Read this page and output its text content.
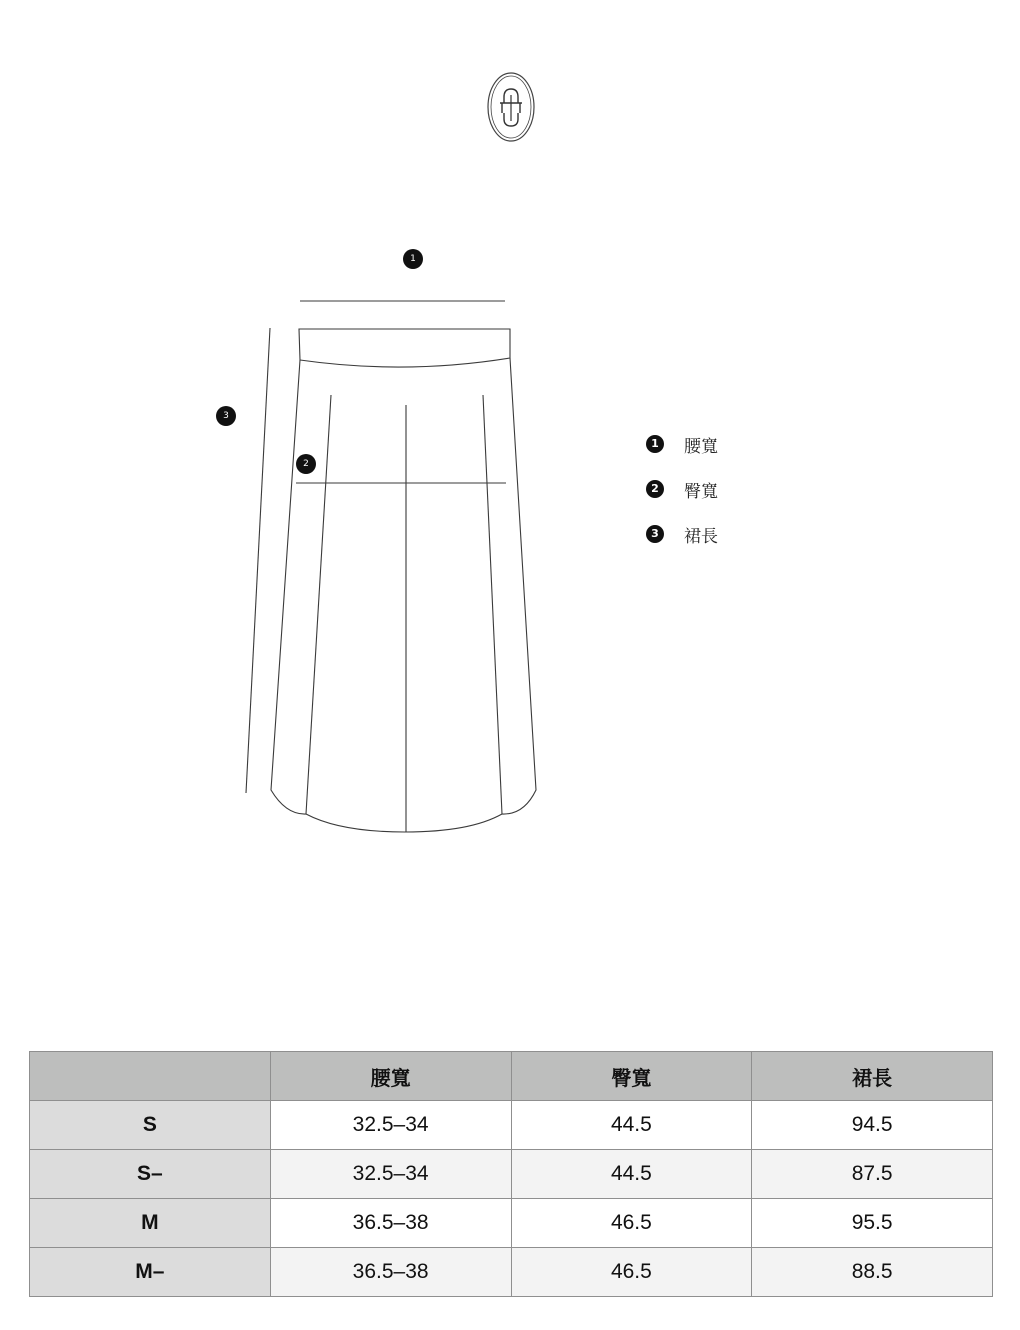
1
2
3
1	腰寬
2	臀寬
3	裙長
	腰寬	臀寬	裙長
S	32.5–34	44.5	94.5
S–	32.5–34	44.5	87.5
M	36.5–38	46.5	95.5
M–	36.5–38	46.5	88.5
